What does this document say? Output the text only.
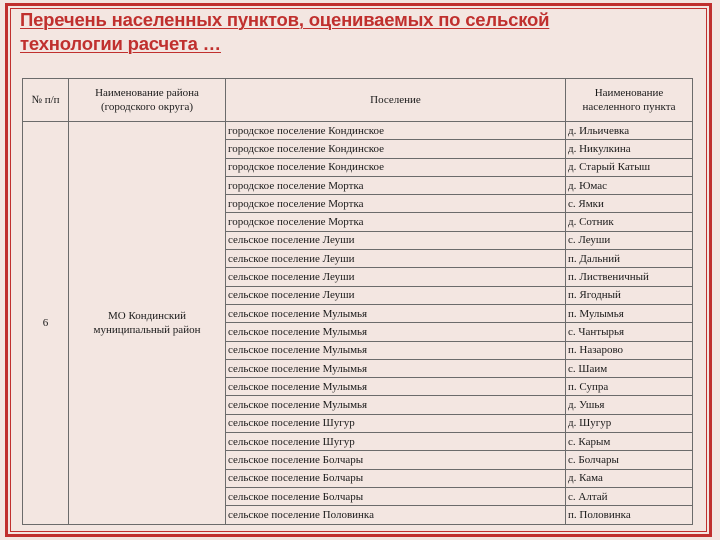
Перечень населенных пунктов, оцениваемых по сельской
технологии расчета …
№ п/п	Наименование района (городского округа)	Поселение	Наименование населенного пункта
6	МО Кондинский муниципальный район	городское поселение Кондинское	д. Ильичевка
		городское поселение Кондинское	д. Никулкина
		городское поселение Кондинское	д. Старый Катыш
		городское поселение Мортка	д. Юмас
		городское поселение Мортка	с. Ямки
		городское поселение Мортка	д. Сотник
		сельское поселение Леуши	с. Леуши
		сельское поселение Леуши	п. Дальний
		сельское поселение Леуши	п. Лиственичный
		сельское поселение Леуши	п. Ягодный
		сельское поселение Мулымья	п. Мулымья
		сельское поселение Мулымья	с. Чантырья
		сельское поселение Мулымья	п. Назарово
		сельское поселение Мулымья	с. Шаим
		сельское поселение Мулымья	п. Супра
		сельское поселение Мулымья	д. Ушья
		сельское поселение Шугур	д. Шугур
		сельское поселение Шугур	с. Карым
		сельское поселение Болчары	с. Болчары
		сельское поселение Болчары	д. Кама
		сельское поселение Болчары	с. Алтай
		сельское поселение Половинка	п. Половинка
